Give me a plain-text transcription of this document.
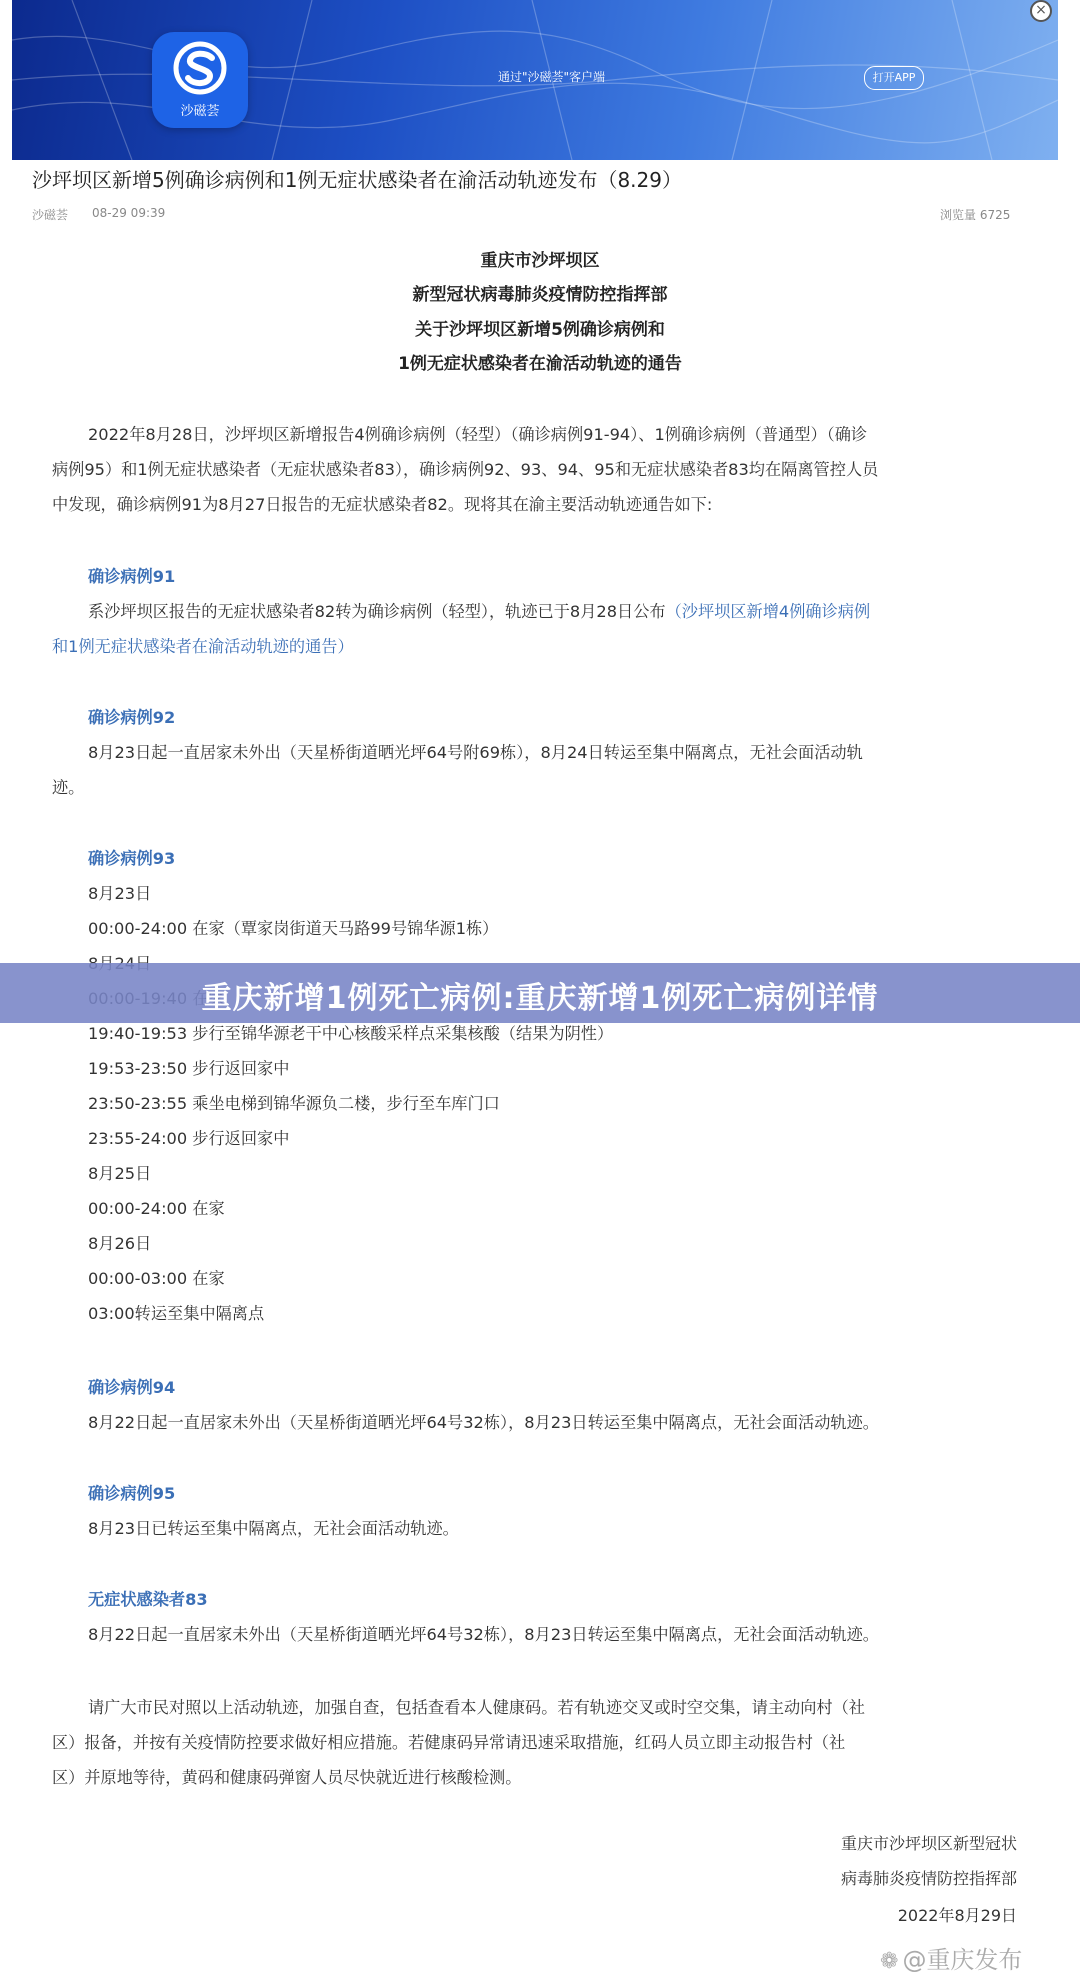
沙磁荟
通过"沙磁荟"客户端	打开APP
×
沙坪坝区新增5例确诊病例和1例无症状感染者在渝活动轨迹发布（8.29）
沙磁荟 08-29 09:39	浏览量 6725
重庆市沙坪坝区
新型冠状病毒肺炎疫情防控指挥部
关于沙坪坝区新增5例确诊病例和
1例无症状感染者在渝活动轨迹的通告
2022年8月28日，沙坪坝区新增报告4例确诊病例（轻型）（确诊病例91-94）、1例确诊病例（普通型）（确诊
病例95）和1例无症状感染者（无症状感染者83），确诊病例92、93、94、95和无症状感染者83均在隔离管控人员
中发现，确诊病例91为8月27日报告的无症状感染者82。现将其在渝主要活动轨迹通告如下:
确诊病例91
系沙坪坝区报告的无症状感染者82转为确诊病例（轻型），轨迹已于8月28日公布（沙坪坝区新增4例确诊病例
和1例无症状感染者在渝活动轨迹的通告）
确诊病例92
8月23日起一直居家未外出（天星桥街道晒光坪64号附69栋），8月24日转运至集中隔离点，无社会面活动轨
迹。
确诊病例93
8月23日
00:00-24:00 在家（覃家岗街道天马路99号锦华源1栋）
19:40-19:53 步行至锦华源老干中心核酸采样点采集核酸（结果为阴性）
19:53-23:50 步行返回家中
23:50-23:55 乘坐电梯到锦华源负二楼，步行至车库门口
23:55-24:00 步行返回家中
8月25日
00:00-24:00 在家
8月26日
00:00-03:00 在家
03:00转运至集中隔离点
确诊病例94
8月22日起一直居家未外出（天星桥街道晒光坪64号32栋），8月23日转运至集中隔离点，无社会面活动轨迹。
确诊病例95
8月23日已转运至集中隔离点，无社会面活动轨迹。
无症状感染者83
8月22日起一直居家未外出（天星桥街道晒光坪64号32栋），8月23日转运至集中隔离点，无社会面活动轨迹。
请广大市民对照以上活动轨迹，加强自查，包括查看本人健康码。若有轨迹交叉或时空交集，请主动向村（社
区）报备，并按有关疫情防控要求做好相应措施。若健康码异常请迅速采取措施，红码人员立即主动报告村（社
区）并原地等待，黄码和健康码弹窗人员尽快就近进行核酸检测。
重庆市沙坪坝区新型冠状
病毒肺炎疫情防控指挥部
2022年8月29日
重庆新增1例死亡病例:重庆新增1例死亡病例详情
❁ @重庆发布
